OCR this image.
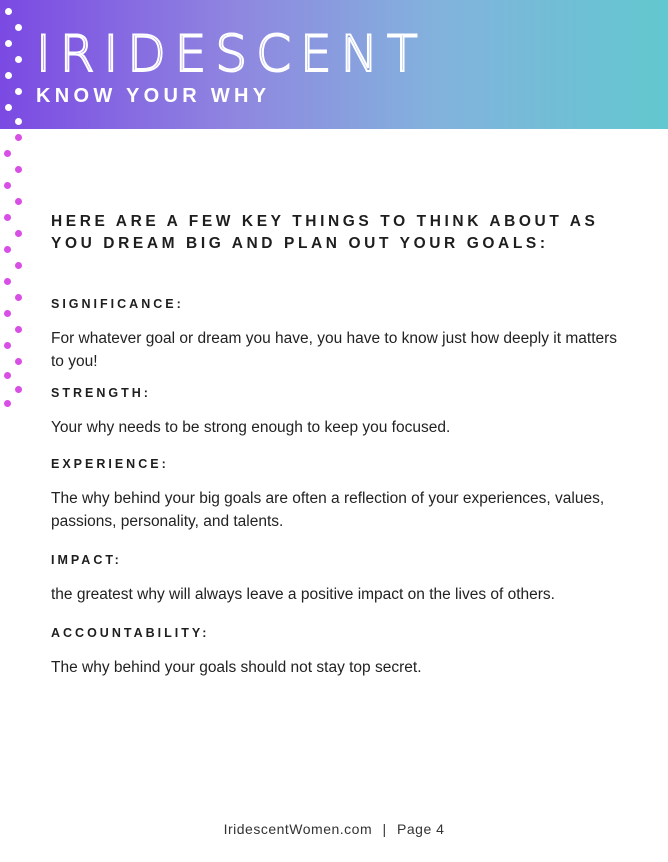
IRIDESCENT
KNOW YOUR WHY
HERE ARE A FEW KEY THINGS TO THINK ABOUT AS YOU DREAM BIG AND PLAN OUT YOUR GOALS:
SIGNIFICANCE:

For whatever goal or dream you have, you have to know just how deeply it matters to you!

STRENGTH:

Your why needs to be strong enough to keep you focused.

EXPERIENCE:

The why behind your big goals are often a reflection of your experiences, values, passions, personality, and talents.

IMPACT:

the greatest why will always leave a positive impact on the lives of others.

ACCOUNTABILITY:

The why behind your goals should not stay top secret.

IridescentWomen.com | Page 4
